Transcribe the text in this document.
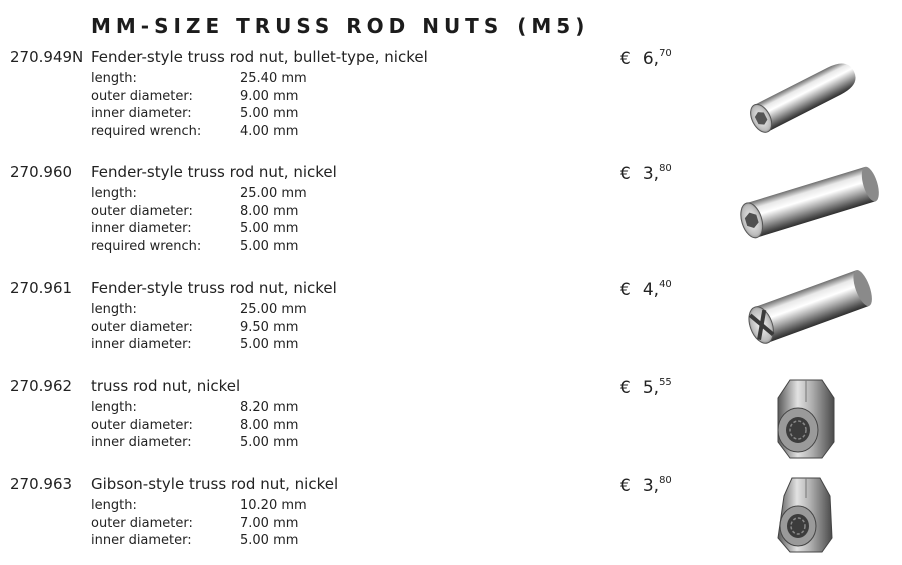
MM-SIZE TRUSS ROD NUTS (M5)
270.949N Fender-style truss rod nut, bullet-type, nickel
length:	25.40 mm
outer diameter:	9.00 mm
inner diameter:	5.00 mm
required wrench:	4.00 mm
€ 6,70
270.960 Fender-style truss rod nut, nickel
length:	25.00 mm
outer diameter:	8.00 mm
inner diameter:	5.00 mm
required wrench:	5.00 mm
€ 3,80
270.961 Fender-style truss rod nut, nickel
length:	25.00 mm
outer diameter:	9.50 mm
inner diameter:	5.00 mm
€ 4,40
270.962 truss rod nut, nickel
length:	8.20 mm
outer diameter:	8.00 mm
inner diameter:	5.00 mm
€ 5,55
270.963 Gibson-style truss rod nut, nickel
length:	10.20 mm
outer diameter:	7.00 mm
inner diameter:	5.00 mm
€ 3,80
